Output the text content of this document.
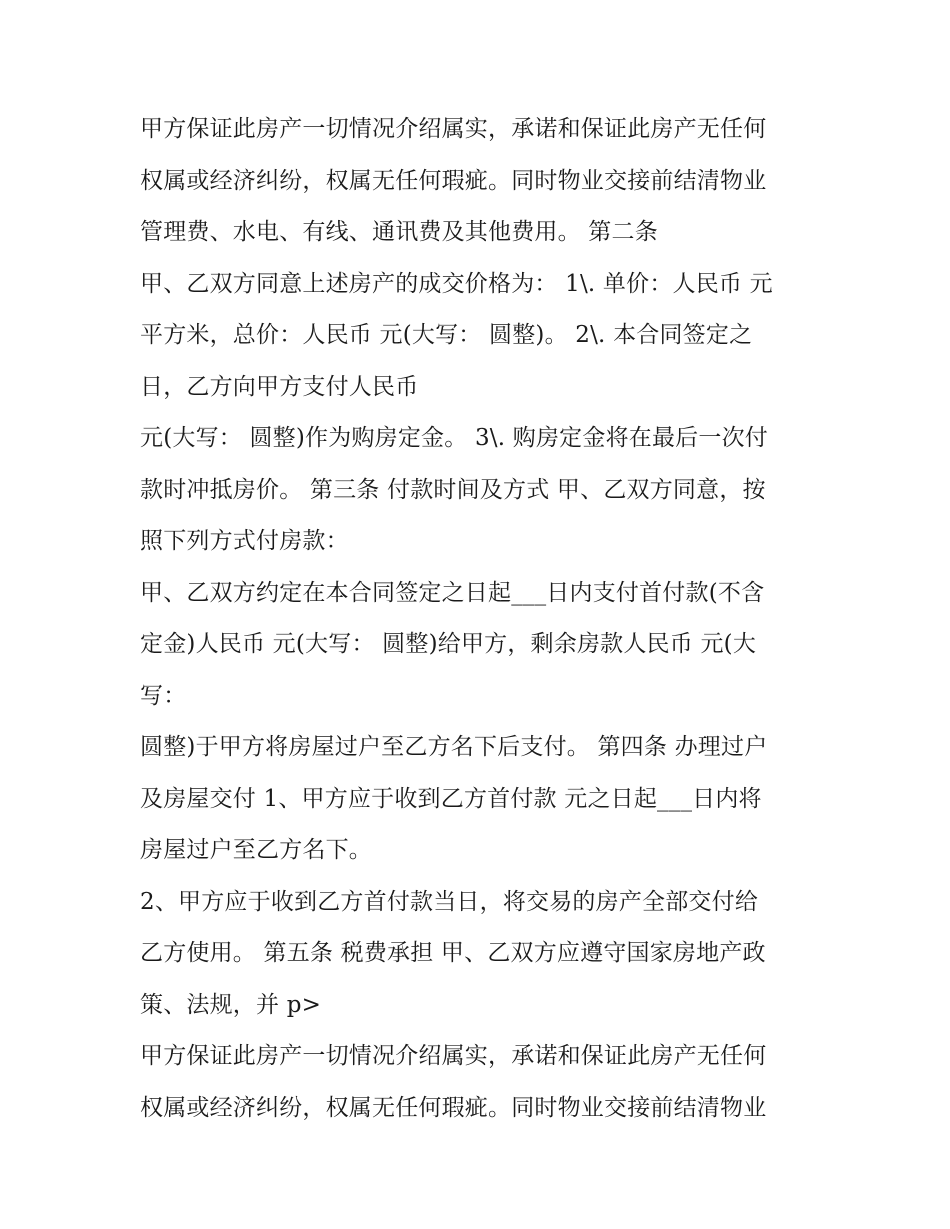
甲方保证此房产一切情况介绍属实，承诺和保证此房产无任何
权属或经济纠纷，权属无任何瑕疵。同时物业交接前结清物业
管理费、水电、有线、通讯费及其他费用。 第二条
甲、乙双方同意上述房产的成交价格为： 1\. 单价：人民币 元
平方米，总价：人民币 元(大写： 圆整)。 2\. 本合同签定之
日，乙方向甲方支付人民币
元(大写： 圆整)作为购房定金。 3\. 购房定金将在最后一次付
款时冲抵房价。 第三条 付款时间及方式 甲、乙双方同意，按
照下列方式付房款：
甲、乙双方约定在本合同签定之日起___日内支付首付款(不含
定金)人民币 元(大写： 圆整)给甲方，剩余房款人民币 元(大
写：
圆整)于甲方将房屋过户至乙方名下后支付。 第四条 办理过户
及房屋交付 1、甲方应于收到乙方首付款 元之日起___日内将
房屋过户至乙方名下。
2、甲方应于收到乙方首付款当日，将交易的房产全部交付给
乙方使用。 第五条 税费承担 甲、乙双方应遵守国家房地产政
策、法规，并 p>
甲方保证此房产一切情况介绍属实，承诺和保证此房产无任何
权属或经济纠纷，权属无任何瑕疵。同时物业交接前结清物业
